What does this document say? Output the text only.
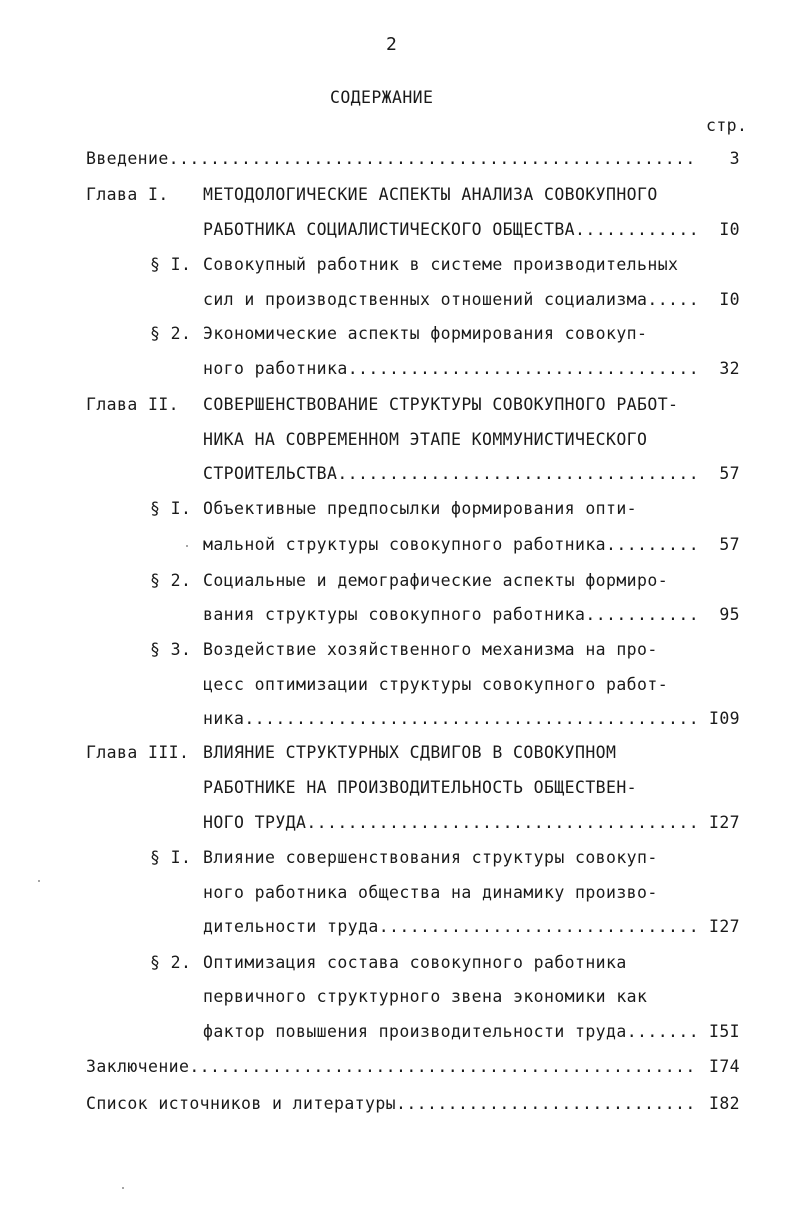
2
СОДЕРЖАНИЕ
стр.
Введение .....	3
Глава I. МЕТОДОЛОГИЧЕСКИЕ АСПЕКТЫ АНАЛИЗА СОВОКУПНОГО
РАБОТНИКА СОЦИАЛИСТИЧЕСКОГО ОБЩЕСТВА .....	I0
§ I. Совокупный работник в системе производительных
сил и производственных отношений социализма .....	I0
§ 2. Экономические аспекты формирования совокуп-
ного работника .....	32
Глава II. СОВЕРШЕНСТВОВАНИЕ СТРУКТУРЫ СОВОКУПНОГО РАБОТ-
НИКА НА СОВРЕМЕННОМ ЭТАПЕ КОММУНИСТИЧЕСКОГО
СТРОИТЕЛЬСТВА .....	57
§ I. Объективные предпосылки формирования опти-
мальной структуры совокупного работника .....	57
§ 2. Социальные и демографические аспекты формиро-
вания структуры совокупного работника .....	95
§ 3. Воздействие хозяйственного механизма на про-
цесс оптимизации структуры совокупного работ-
ника .....	I09
Глава III. ВЛИЯНИЕ СТРУКТУРНЫХ СДВИГОВ В СОВОКУПНОМ
РАБОТНИКЕ НА ПРОИЗВОДИТЕЛЬНОСТЬ ОБЩЕСТВЕН-
НОГО ТРУДА .....	I27
§ I. Влияние совершенствования структуры совокуп-
ного работника общества на динамику произво-
дительности труда .....	I27
§ 2. Оптимизация состава совокупного работника
первичного структурного звена экономики как
фактор повышения производительности труда .....	I5I
Заключение .....	I74
Список источников и литературы .....	I82
